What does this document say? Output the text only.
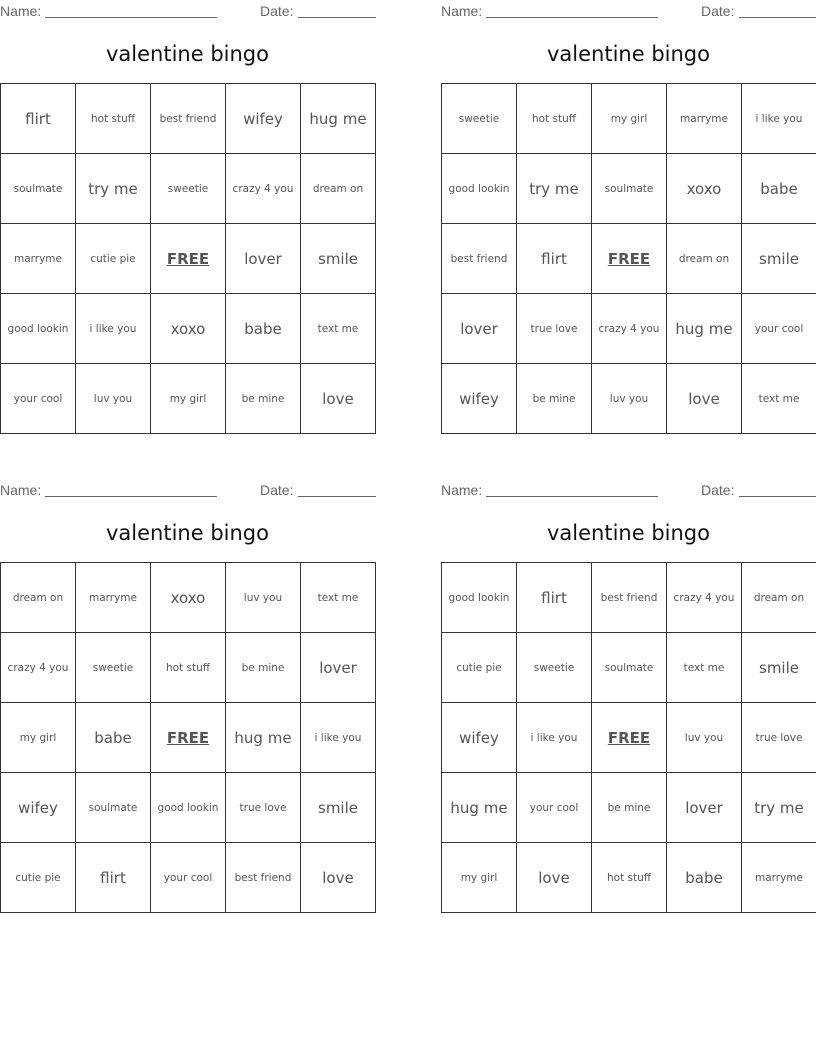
Name:	Date:
valentine bingo
flirt	hot stuff	best friend	wifey	hug me
soulmate	try me	sweetie	crazy 4 you	dream on
marryme	cutie pie	FREE	lover	smile
good lookin	i like you	xoxo	babe	text me
your cool	luv you	my girl	be mine	love
Name:	Date:
valentine bingo
sweetie	hot stuff	my girl	marryme	i like you
good lookin	try me	soulmate	xoxo	babe
best friend	flirt	FREE	dream on	smile
lover	true love	crazy 4 you	hug me	your cool
wifey	be mine	luv you	love	text me
Name:	Date:
valentine bingo
dream on	marryme	xoxo	luv you	text me
crazy 4 you	sweetie	hot stuff	be mine	lover
my girl	babe	FREE	hug me	i like you
wifey	soulmate	good lookin	true love	smile
cutie pie	flirt	your cool	best friend	love
Name:	Date:
valentine bingo
good lookin	flirt	best friend	crazy 4 you	dream on
cutie pie	sweetie	soulmate	text me	smile
wifey	i like you	FREE	luv you	true love
hug me	your cool	be mine	lover	try me
my girl	love	hot stuff	babe	marryme
